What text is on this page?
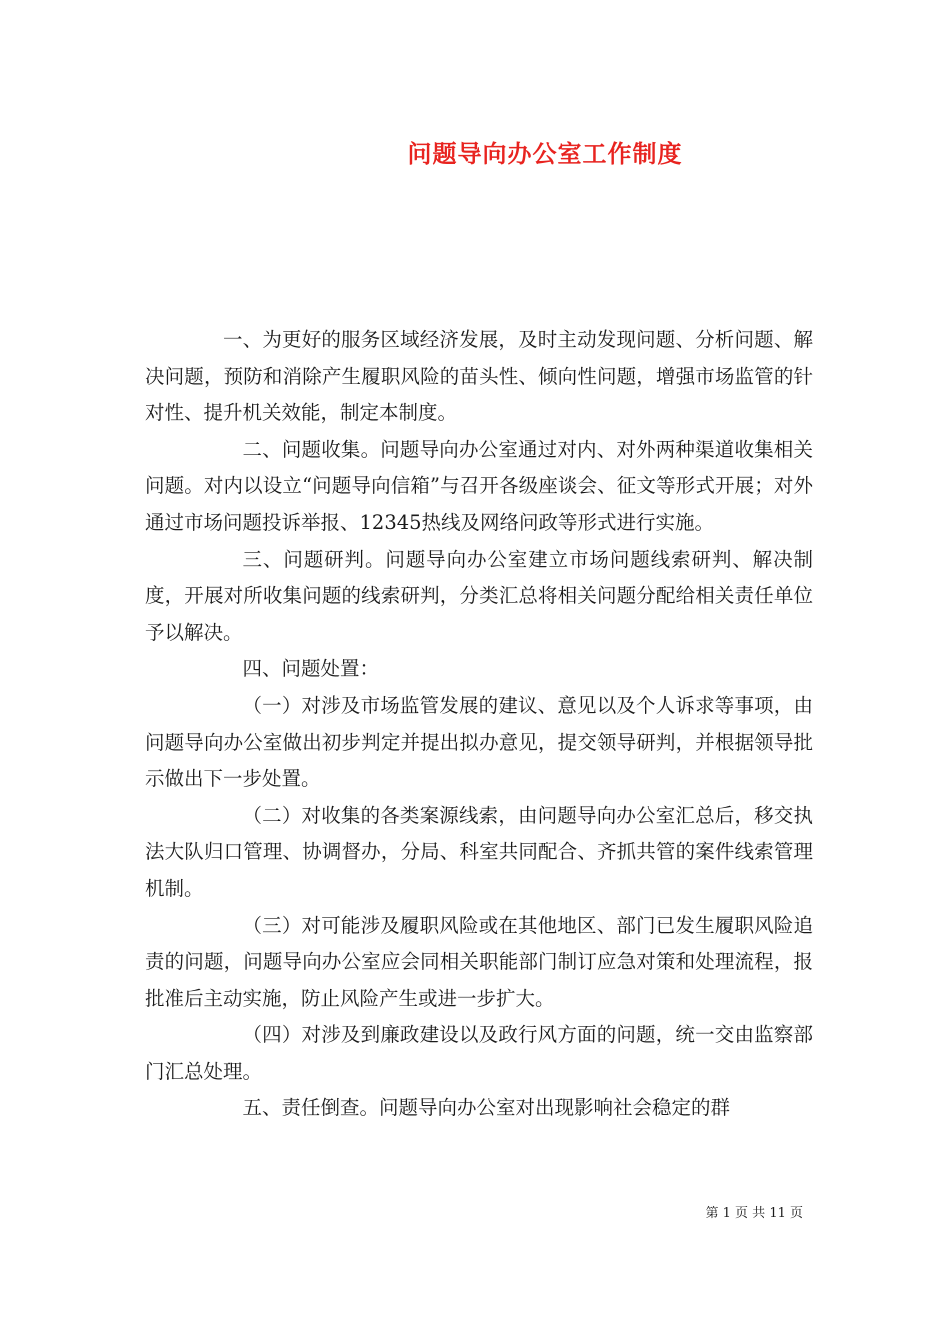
问题导向办公室工作制度

一、为更好的服务区域经济发展，及时主动发现问题、分析问题、解决问题，预防和消除产生履职风险的苗头性、倾向性问题，增强市场监管的针对性、提升机关效能，制定本制度。

二、问题收集。问题导向办公室通过对内、对外两种渠道收集相关问题。对内以设立“问题导向信箱”与召开各级座谈会、征文等形式开展；对外通过市场问题投诉举报、12345热线及网络问政等形式进行实施。

三、问题研判。问题导向办公室建立市场问题线索研判、解决制度，开展对所收集问题的线索研判，分类汇总将相关问题分配给相关责任单位予以解决。

四、问题处置：

（一）对涉及市场监管发展的建议、意见以及个人诉求等事项，由问题导向办公室做出初步判定并提出拟办意见，提交领导研判，并根据领导批示做出下一步处置。

（二）对收集的各类案源线索，由问题导向办公室汇总后，移交执法大队归口管理、协调督办，分局、科室共同配合、齐抓共管的案件线索管理机制。

（三）对可能涉及履职风险或在其他地区、部门已发生履职风险追责的问题，问题导向办公室应会同相关职能部门制订应急对策和处理流程，报批准后主动实施，防止风险产生或进一步扩大。

（四）对涉及到廉政建设以及政行风方面的问题，统一交由监察部门汇总处理。

五、责任倒查。问题导向办公室对出现影响社会稳定的群

第 1 页 共 11 页
